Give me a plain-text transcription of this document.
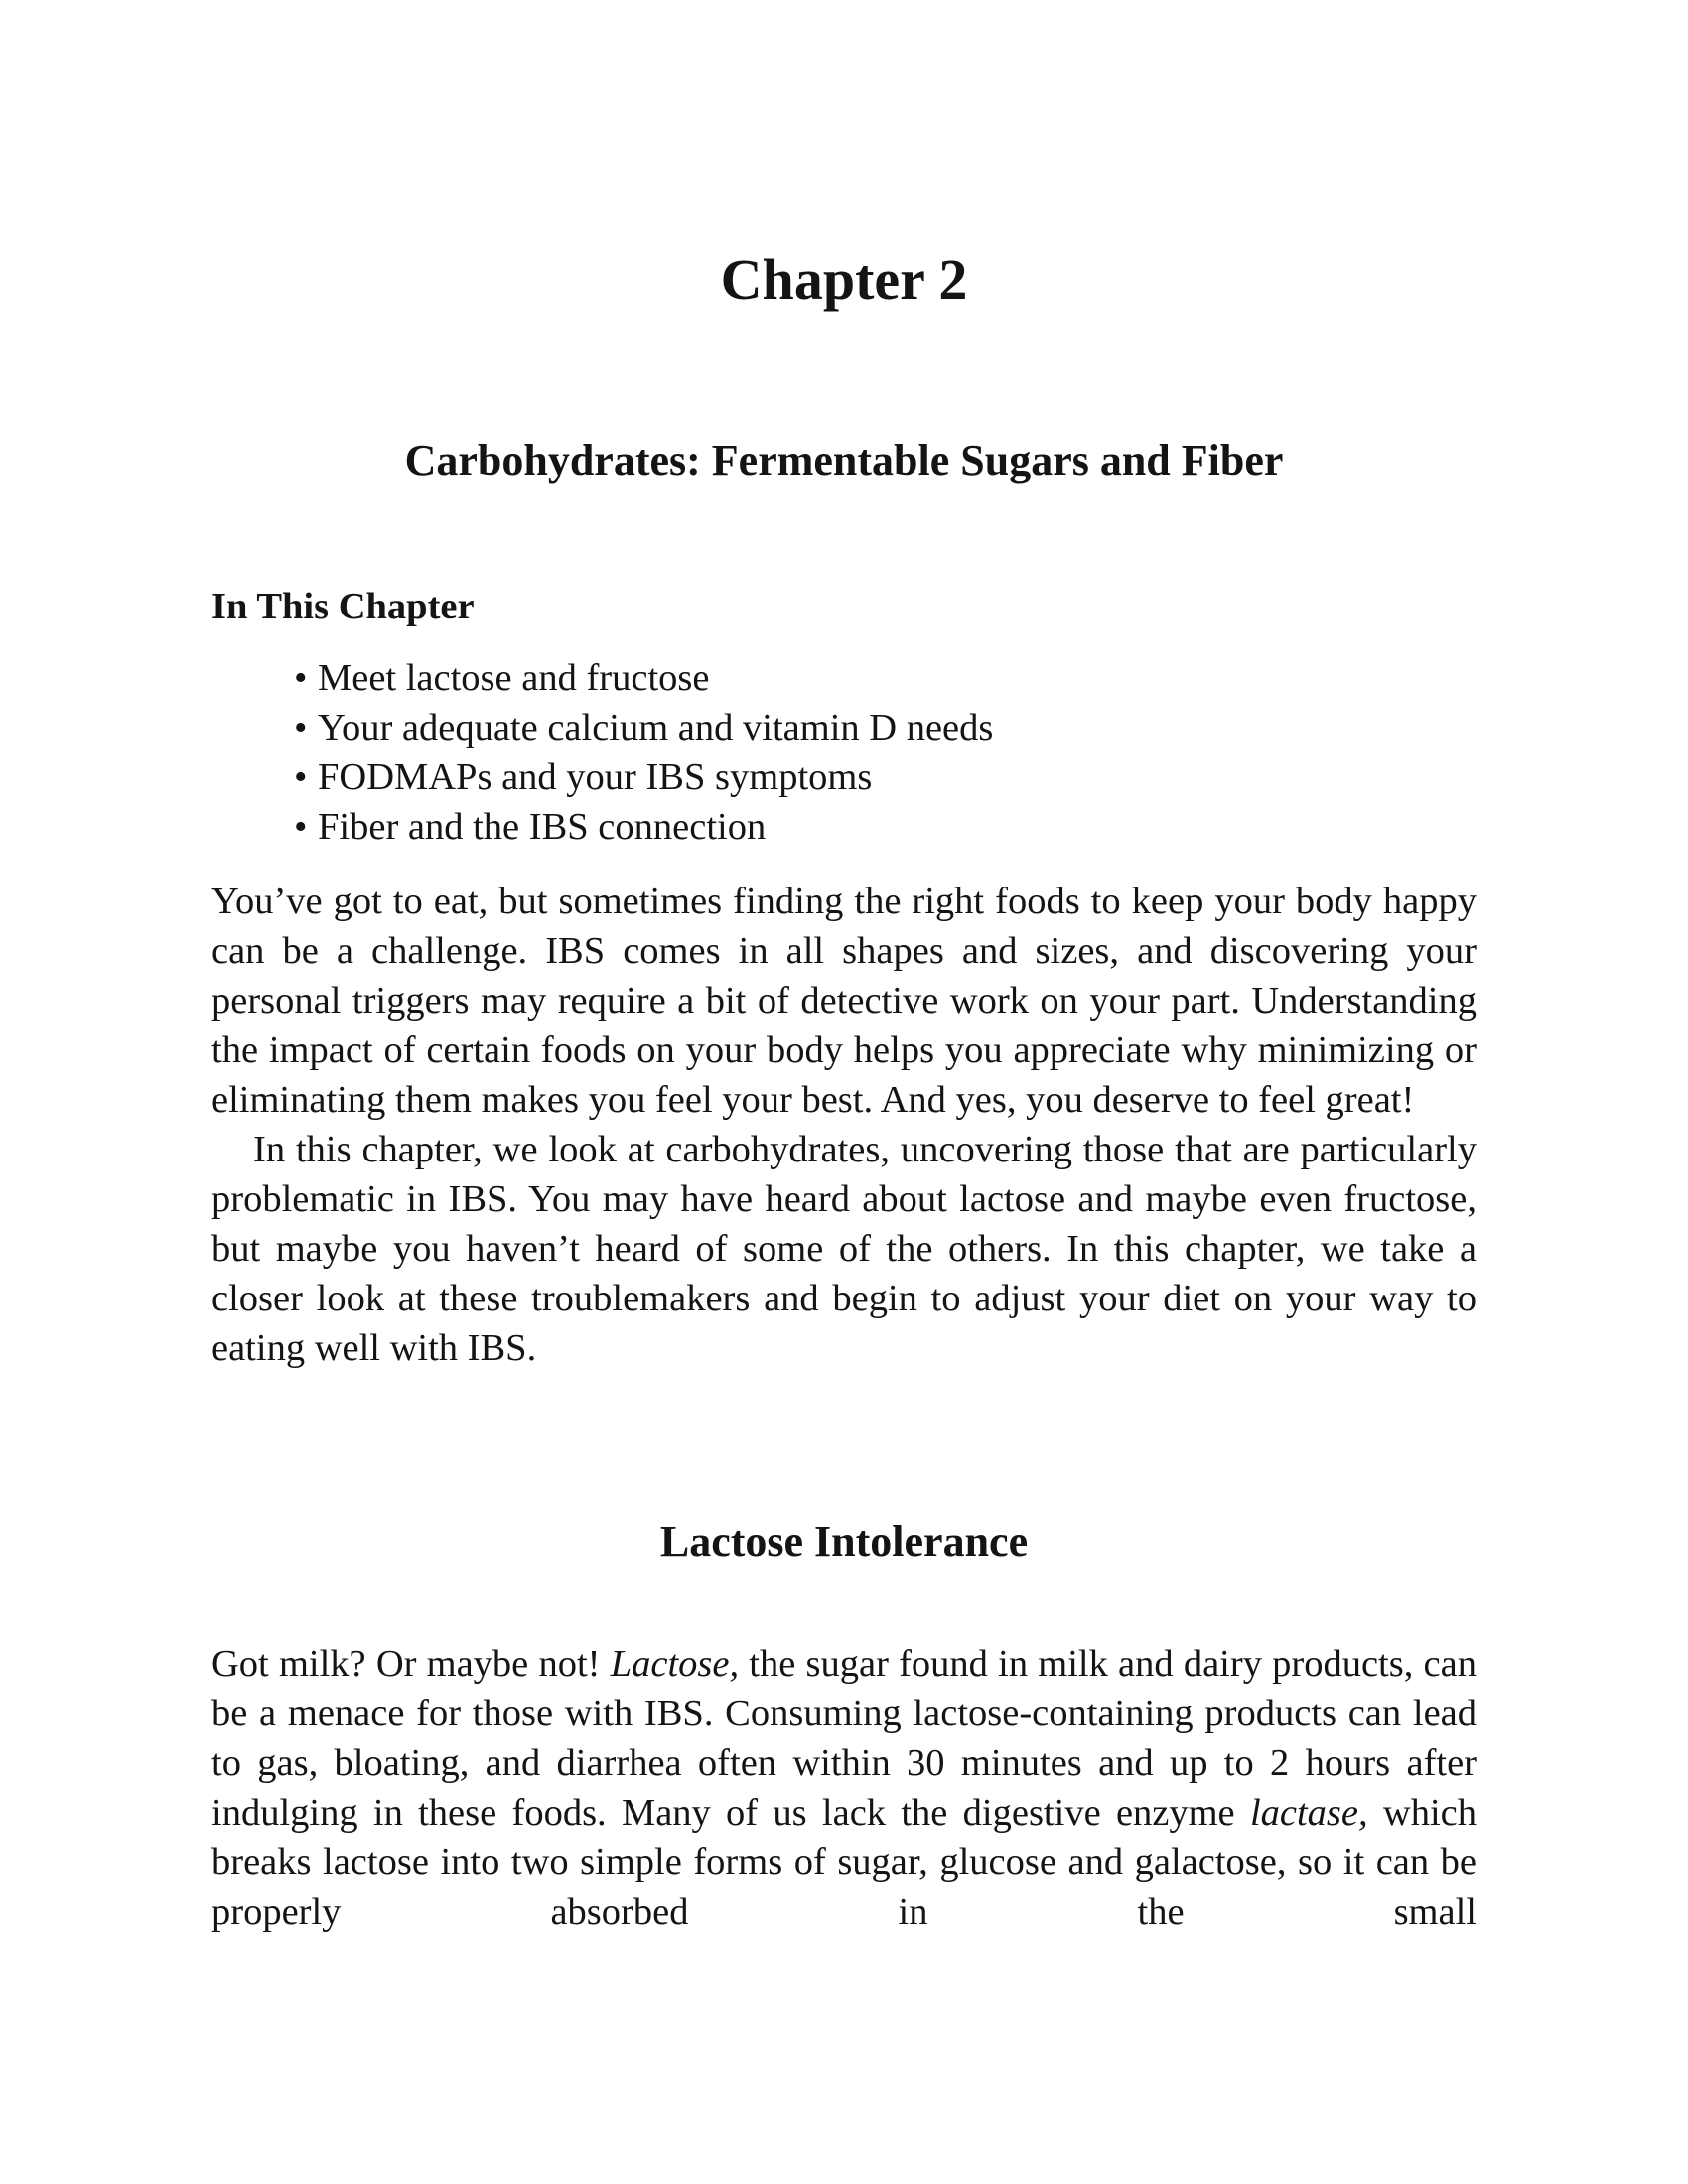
Chapter 2
Carbohydrates: Fermentable Sugars and Fiber
In This Chapter
• Meet lactose and fructose
• Your adequate calcium and vitamin D needs
• FODMAPs and your IBS symptoms
• Fiber and the IBS connection

You’ve got to eat, but sometimes finding the right foods to keep your body happy can be a challenge. IBS comes in all shapes and sizes, and discovering your personal triggers may require a bit of detective work on your part. Understanding the impact of certain foods on your body helps you appreciate why minimizing or eliminating them makes you feel your best. And yes, you deserve to feel great!

In this chapter, we look at carbohydrates, uncovering those that are particularly problematic in IBS. You may have heard about lactose and maybe even fructose, but maybe you haven’t heard of some of the others. In this chapter, we take a closer look at these troublemakers and begin to adjust your diet on your way to eating well with IBS.

Lactose Intolerance

Got milk? Or maybe not! Lactose, the sugar found in milk and dairy products, can be a menace for those with IBS. Consuming lactose-containing products can lead to gas, bloating, and diarrhea often within 30 minutes and up to 2 hours after indulging in these foods. Many of us lack the digestive enzyme lactase, which breaks lactose into two simple forms of sugar, glucose and galactose, so it can be properly absorbed in the small
